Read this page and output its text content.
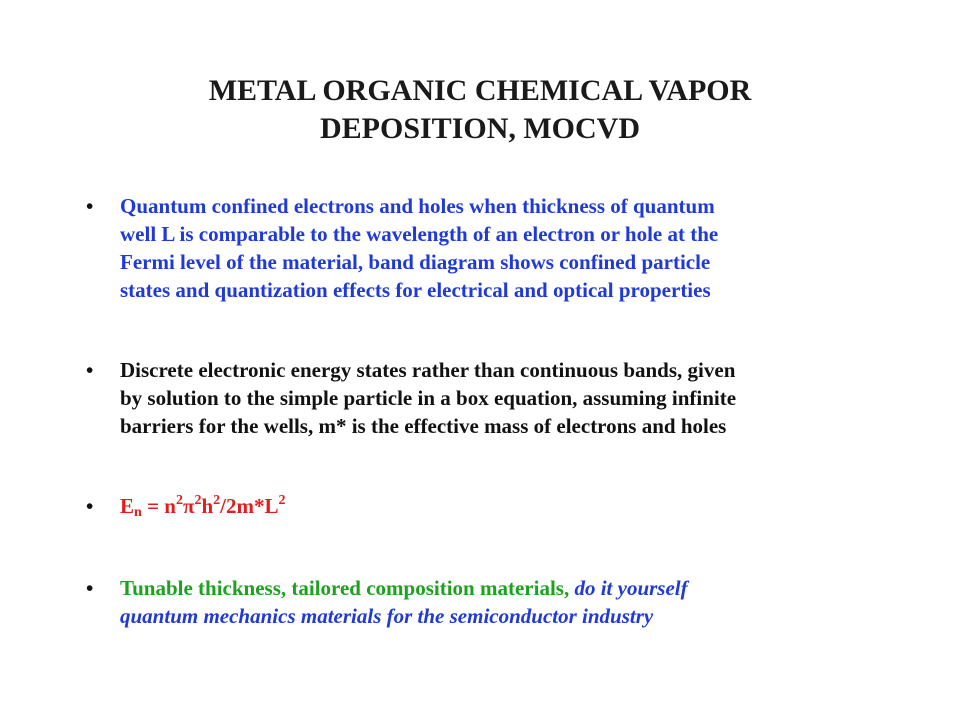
METAL ORGANIC CHEMICAL VAPOR
DEPOSITION, MOCVD
• Quantum confined electrons and holes when thickness of quantum
well L is comparable to the wavelength of an electron or hole at the
Fermi level of the material, band diagram shows confined particle
states and quantization effects for electrical and optical properties
• Discrete electronic energy states rather than continuous bands, given
by solution to the simple particle in a box equation, assuming infinite
barriers for the wells, m* is the effective mass of electrons and holes
• $E_n = n^2\pi^2h^2/2m*L^2$
• Tunable thickness, tailored composition materials, do it yourself
quantum mechanics materials for the semiconductor industry
